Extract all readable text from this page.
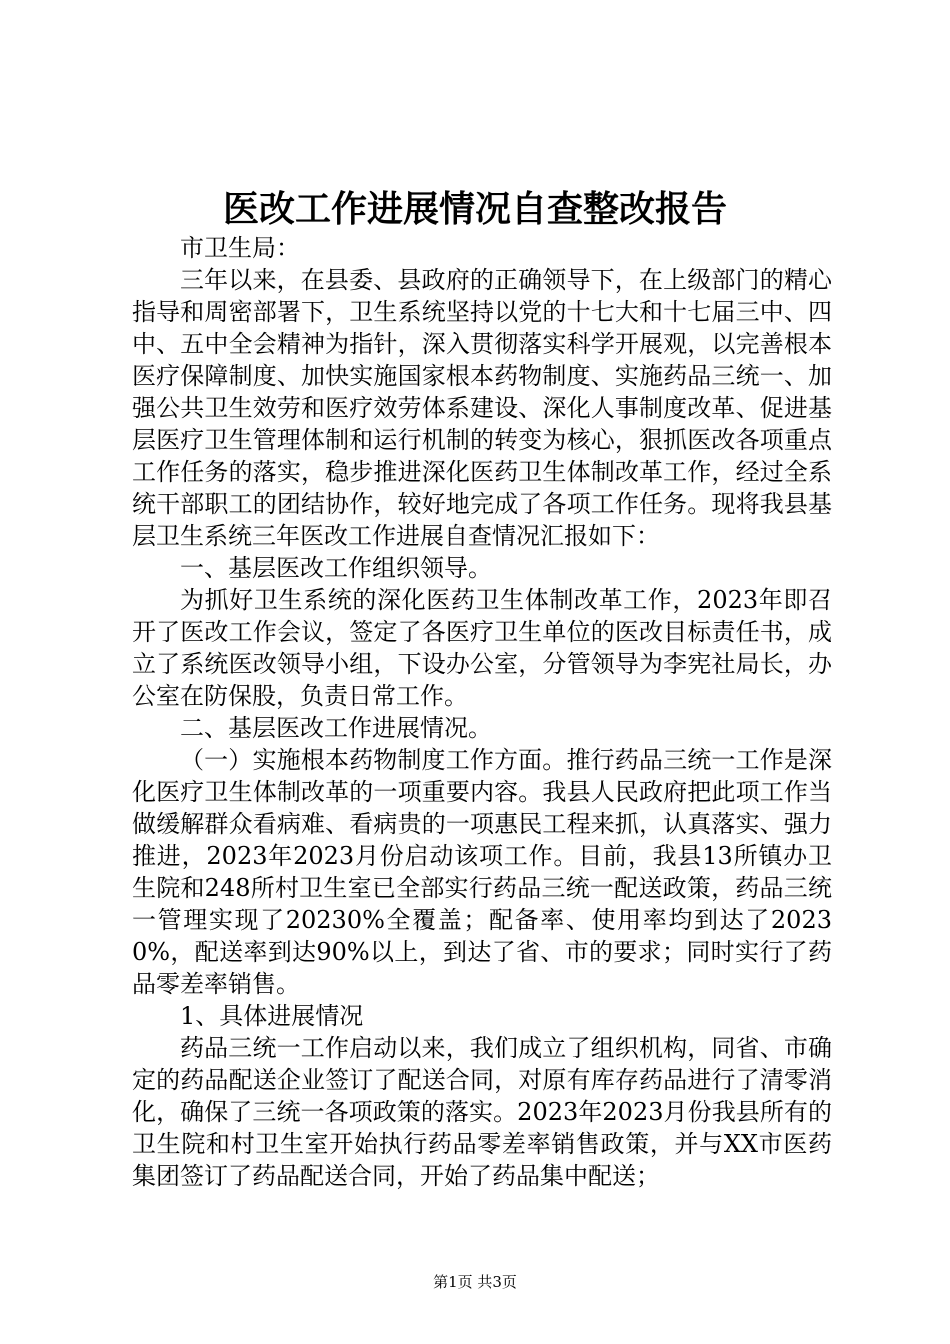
医改工作进展情况自查整改报告

市卫生局：

三年以来，在县委、县政府的正确领导下，在上级部门的精心指导和周密部署下，卫生系统坚持以党的十七大和十七届三中、四中、五中全会精神为指针，深入贯彻落实科学开展观，以完善根本医疗保障制度、加快实施国家根本药物制度、实施药品三统一、加强公共卫生效劳和医疗效劳体系建设、深化人事制度改革、促进基层医疗卫生管理体制和运行机制的转变为核心，狠抓医改各项重点工作任务的落实，稳步推进深化医药卫生体制改革工作，经过全系统干部职工的团结协作，较好地完成了各项工作任务。现将我县基层卫生系统三年医改工作进展自查情况汇报如下：

一、基层医改工作组织领导。

为抓好卫生系统的深化医药卫生体制改革工作，2023年即召开了医改工作会议，签定了各医疗卫生单位的医改目标责任书，成立了系统医改领导小组，下设办公室，分管领导为李宪社局长，办公室在防保股，负责日常工作。

二、基层医改工作进展情况。

（一）实施根本药物制度工作方面。推行药品三统一工作是深化医疗卫生体制改革的一项重要内容。我县人民政府把此项工作当做缓解群众看病难、看病贵的一项惠民工程来抓，认真落实、强力推进，2023年2023月份启动该项工作。目前，我县13所镇办卫生院和248所村卫生室已全部实行药品三统一配送政策，药品三统一管理实现了20230%全覆盖；配备率、使用率均到达了20230%，配送率到达90%以上，到达了省、市的要求；同时实行了药品零差率销售。

1、具体进展情况

药品三统一工作启动以来，我们成立了组织机构，同省、市确定的药品配送企业签订了配送合同，对原有库存药品进行了清零消化，确保了三统一各项政策的落实。2023年2023月份我县所有的卫生院和村卫生室开始执行药品零差率销售政策，并与XX市医药集团签订了药品配送合同，开始了药品集中配送；

第1页 共3页
